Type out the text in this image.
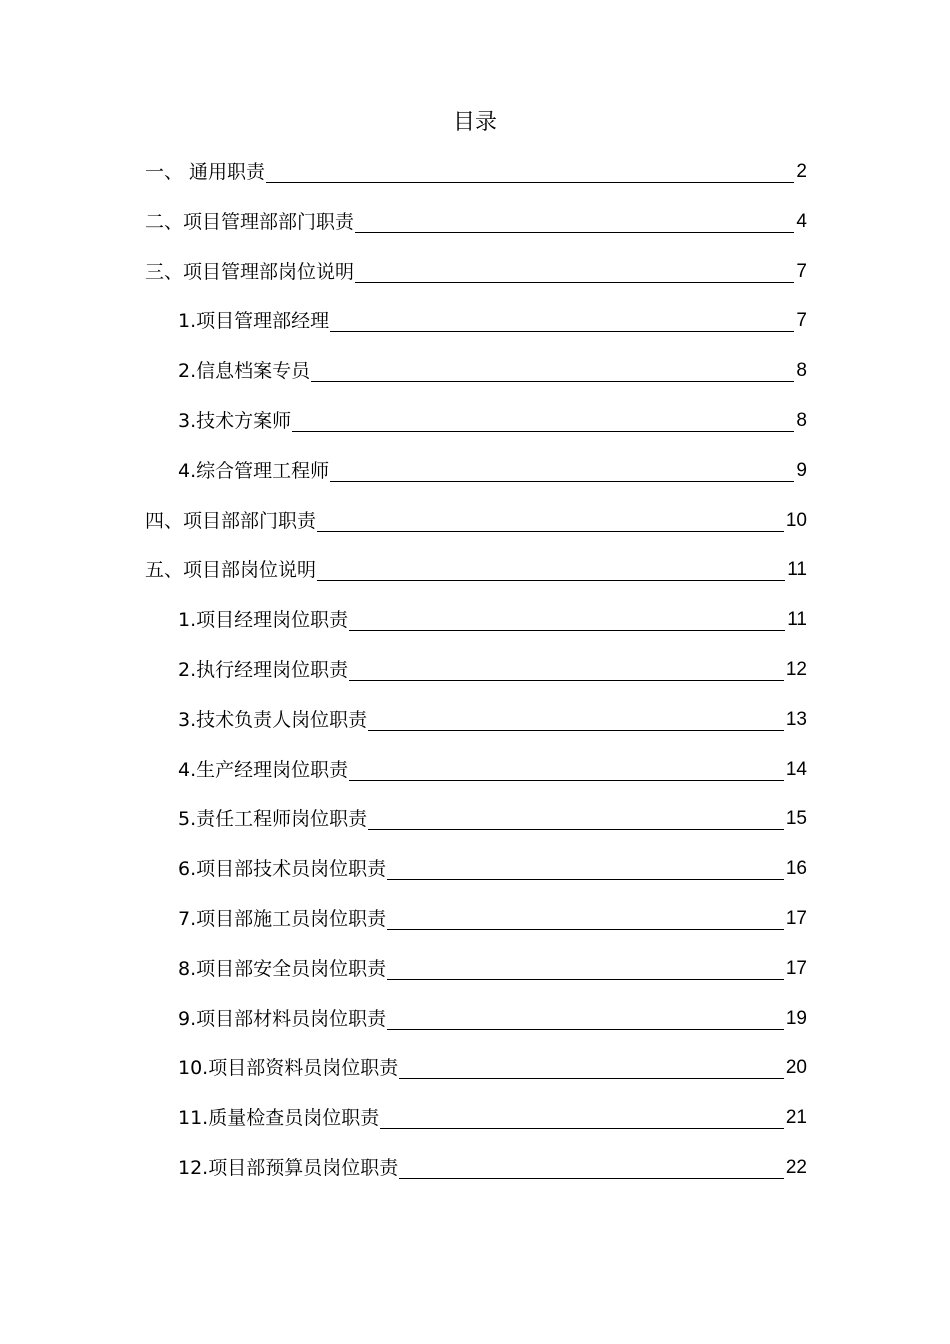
目录
一、 通用职责	2
二、项目管理部部门职责	4
三、项目管理部岗位说明	7
1.项目管理部经理	7
2.信息档案专员	8
3.技术方案师	8
4.综合管理工程师	9
四、项目部部门职责	10
五、项目部岗位说明	11
1.项目经理岗位职责	11
2.执行经理岗位职责	12
3.技术负责人岗位职责	13
4.生产经理岗位职责	14
5.责任工程师岗位职责	15
6.项目部技术员岗位职责	16
7.项目部施工员岗位职责	17
8.项目部安全员岗位职责	17
9.项目部材料员岗位职责	19
10.项目部资料员岗位职责	20
11.质量检查员岗位职责	21
12.项目部预算员岗位职责	22
